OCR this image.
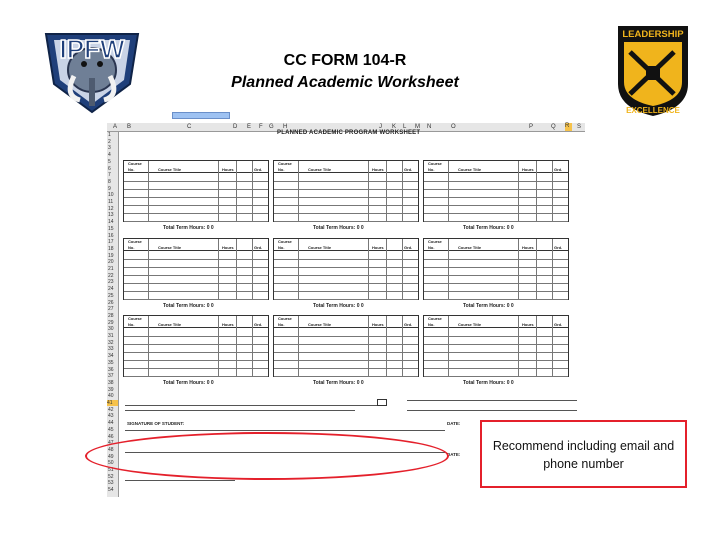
IPFW	CC FORM 104-R
Planned Academic Worksheet
LEADERSHIP
EXCELLENCE
A B	C	D E F G H	J K L M N	O	P	Q R	S
1
2
3
4
5
6
7
8
9
10
11
12
13
14
15
16
17
18
19
20
21
22
23
24
25
26
27
28
29
30
31
32
33
34
35
36
37
38
39
40
41
42
43
44
45
46
47
48
49
50
51
52
53
54
PLANNED ACADEMIC PROGRAM WORKSHEET
Course
No.	Course Title	Hours	Grd.
Total Term Hours: 0 0
Course
No.	Course Title	Hours	Grd.
Total Term Hours: 0 0
Course
No.	Course Title	Hours	Grd.
Total Term Hours: 0 0
Course
No.	Course Title	Hours	Grd.
Total Term Hours: 0 0
Course
No.	Course Title	Hours	Grd.
Total Term Hours: 0 0
Course
No.	Course Title	Hours	Grd.
Total Term Hours: 0 0
Course
No.	Course Title	Hours	Grd.
Total Term Hours: 0 0
Course
No.	Course Title	Hours	Grd.
Total Term Hours: 0 0
Course
No.	Course Title	Hours	Grd.
Total Term Hours: 0 0
SIGNATURE OF STUDENT:	DATE:
DATE:
Recommend including email and phone number
